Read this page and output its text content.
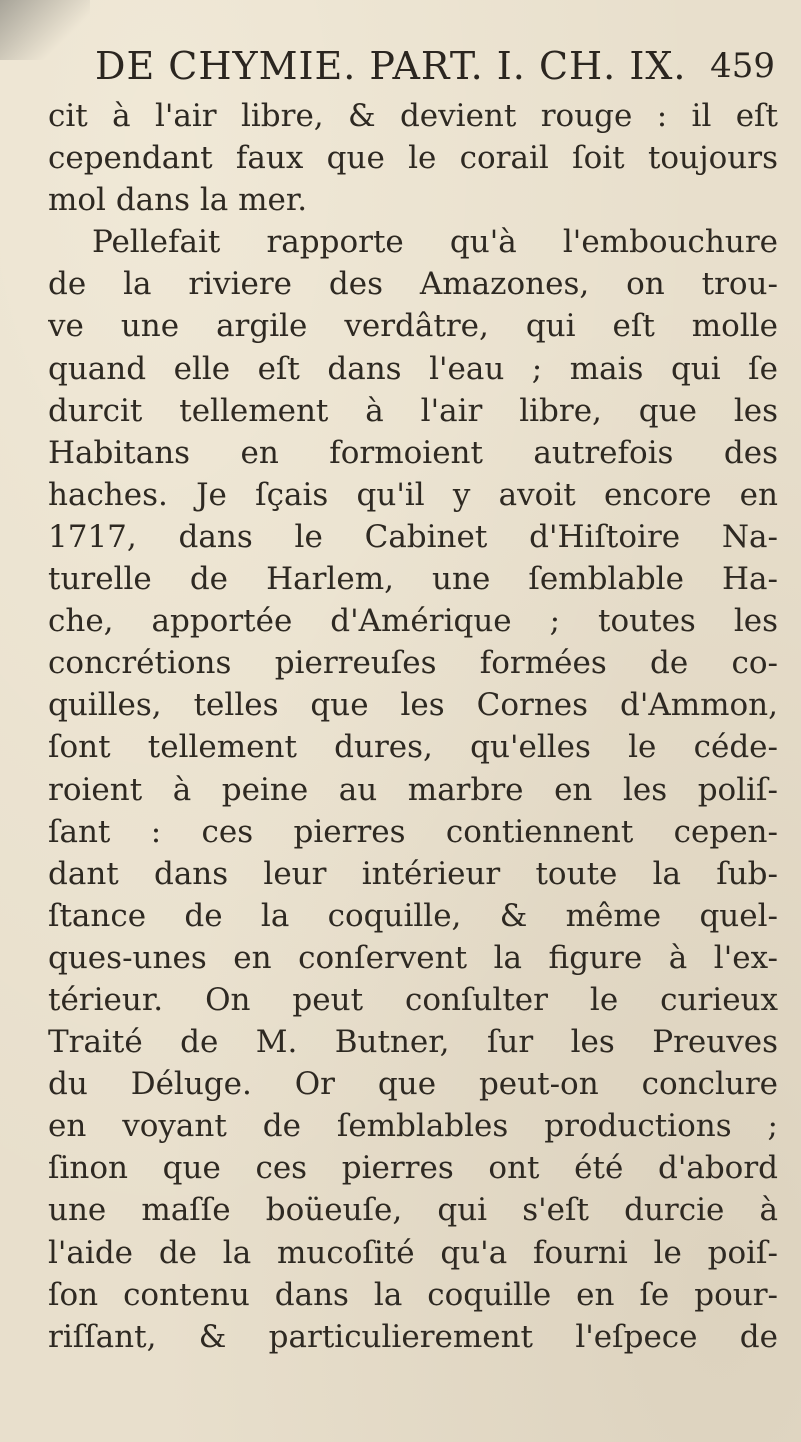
DE CHYMIE. PART. I. CH. IX. 459
cit à l'air libre, & devient rouge : il eſt
cependant faux que le corail ſoit toujours
mol dans la mer.
Pellefait rapporte qu'à l'embouchure
de la riviere des Amazones, on trou-
ve une argile verdâtre, qui eſt molle
quand elle eſt dans l'eau ; mais qui ſe
durcit tellement à l'air libre, que les
Habitans en formoient autrefois des
haches. Je ſçais qu'il y avoit encore en
1717, dans le Cabinet d'Hiſtoire Na-
turelle de Harlem, une ſemblable Ha-
che, apportée d'Amérique ; toutes les
concrétions pierreuſes formées de co-
quilles, telles que les Cornes d'Ammon,
ſont tellement dures, qu'elles le céde-
roient à peine au marbre en les poliſ-
ſant : ces pierres contiennent cepen-
dant dans leur intérieur toute la ſub-
ſtance de la coquille, & même quel-
ques-unes en conſervent la figure à l'ex-
térieur. On peut conſulter le curieux
Traité de M. Butner, ſur les Preuves
du Déluge. Or que peut-on conclure
en voyant de ſemblables productions ;
ſinon que ces pierres ont été d'abord
une maſſe boüeuſe, qui s'eſt durcie à
l'aide de la mucoſité qu'a fourni le poiſ-
ſon contenu dans la coquille en ſe pour-
riſſant, & particulierement l'eſpece de
